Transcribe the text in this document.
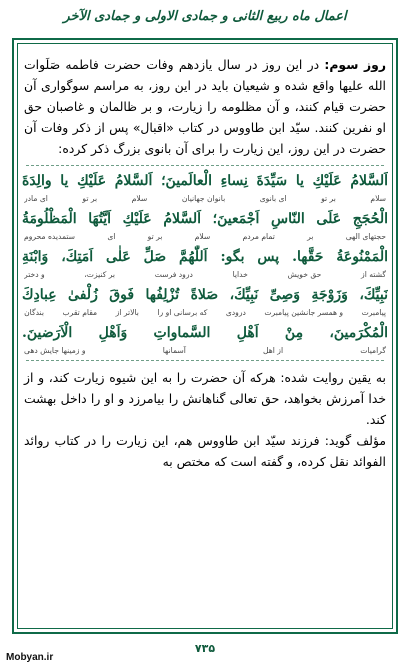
اعمال ماه ربيع الثانى و جمادى الاولى و جمادى الآخر

روز سوم: در اين روز در سال يازدهم وفات حضرت فاطمه صَلَوات الله عليها واقع شده و شيعيان بايد در اين روز، به مراسم سوگوارى آن حضرت قيام كنند، و آن مظلومه را زيارت، و بر ظالمان و غاصبان حق او نفرين كنند. سيّد ابن طاووس در كتاب «اقبال» پس از ذكر وفات آن حضرت در اين روز، اين زيارت را براى آن بانوى بزرگ ذكر كرده:

اَلسَّلامُ عَلَيْكِ يا سَيِّدَةَ نِساءِ الْعالَمينَ؛ اَلسَّلامُ عَلَيْكِ يا والِدَةَ
سلام
بر تو
اى بانوى
بانوان جهانيان
سلام
بر تو
اى مادر
الْحُجَجِ عَلَى النّاسِ اَجْمَعينَ؛ اَلسَّلامُ عَلَيْكِ اَيَّتُهَا الْمَظْلُومَةُ
حجتهاى الهى
بر
تمام مردم
سلام
بر تو
اى
ستمديده محروم
الْمَمْنُوعَةُ حَقَّها. پس بگو: اَللّٰهُمَّ صَلِّ عَلٰى اَمَتِكَ، وَابْنَةِ
گشته از
حق خويش
خدايا
درود فرست
بر كنيزت،
و دختر
نَبِيِّكَ، وَزَوْجَةِ وَصِىِّ نَبِيِّكَ، صَلاةً تُزْلِفُها فَوقَ زُلْفىٰ عِبادِكَ
پيامبرت
و همسر جانشين پيامبرت
درودى
كه برسانى او را
بالاتر از
مقام تقرب
بندگان
الْمُكْرَمينَ، مِنْ اَهْلِ السَّماواتِ وَاَهْلِ الْاَرَضينَ.
گراميات
از اهل
آسمانها
و زمينها جايش دهى

به يقين روايت شده: هركه آن حضرت را به اين شيوه زيارت كند، و از خدا آمرزش بخواهد، حق تعالى گناهانش را بيامرزد و او را داخل بهشت كند.

مؤلف گويد: فرزند سيّد ابن طاووس هم، اين زيارت را در كتاب روائد الفوائد نقل كرده، و گفته است كه مختص به

۷۳۵
Mobyan.ir
